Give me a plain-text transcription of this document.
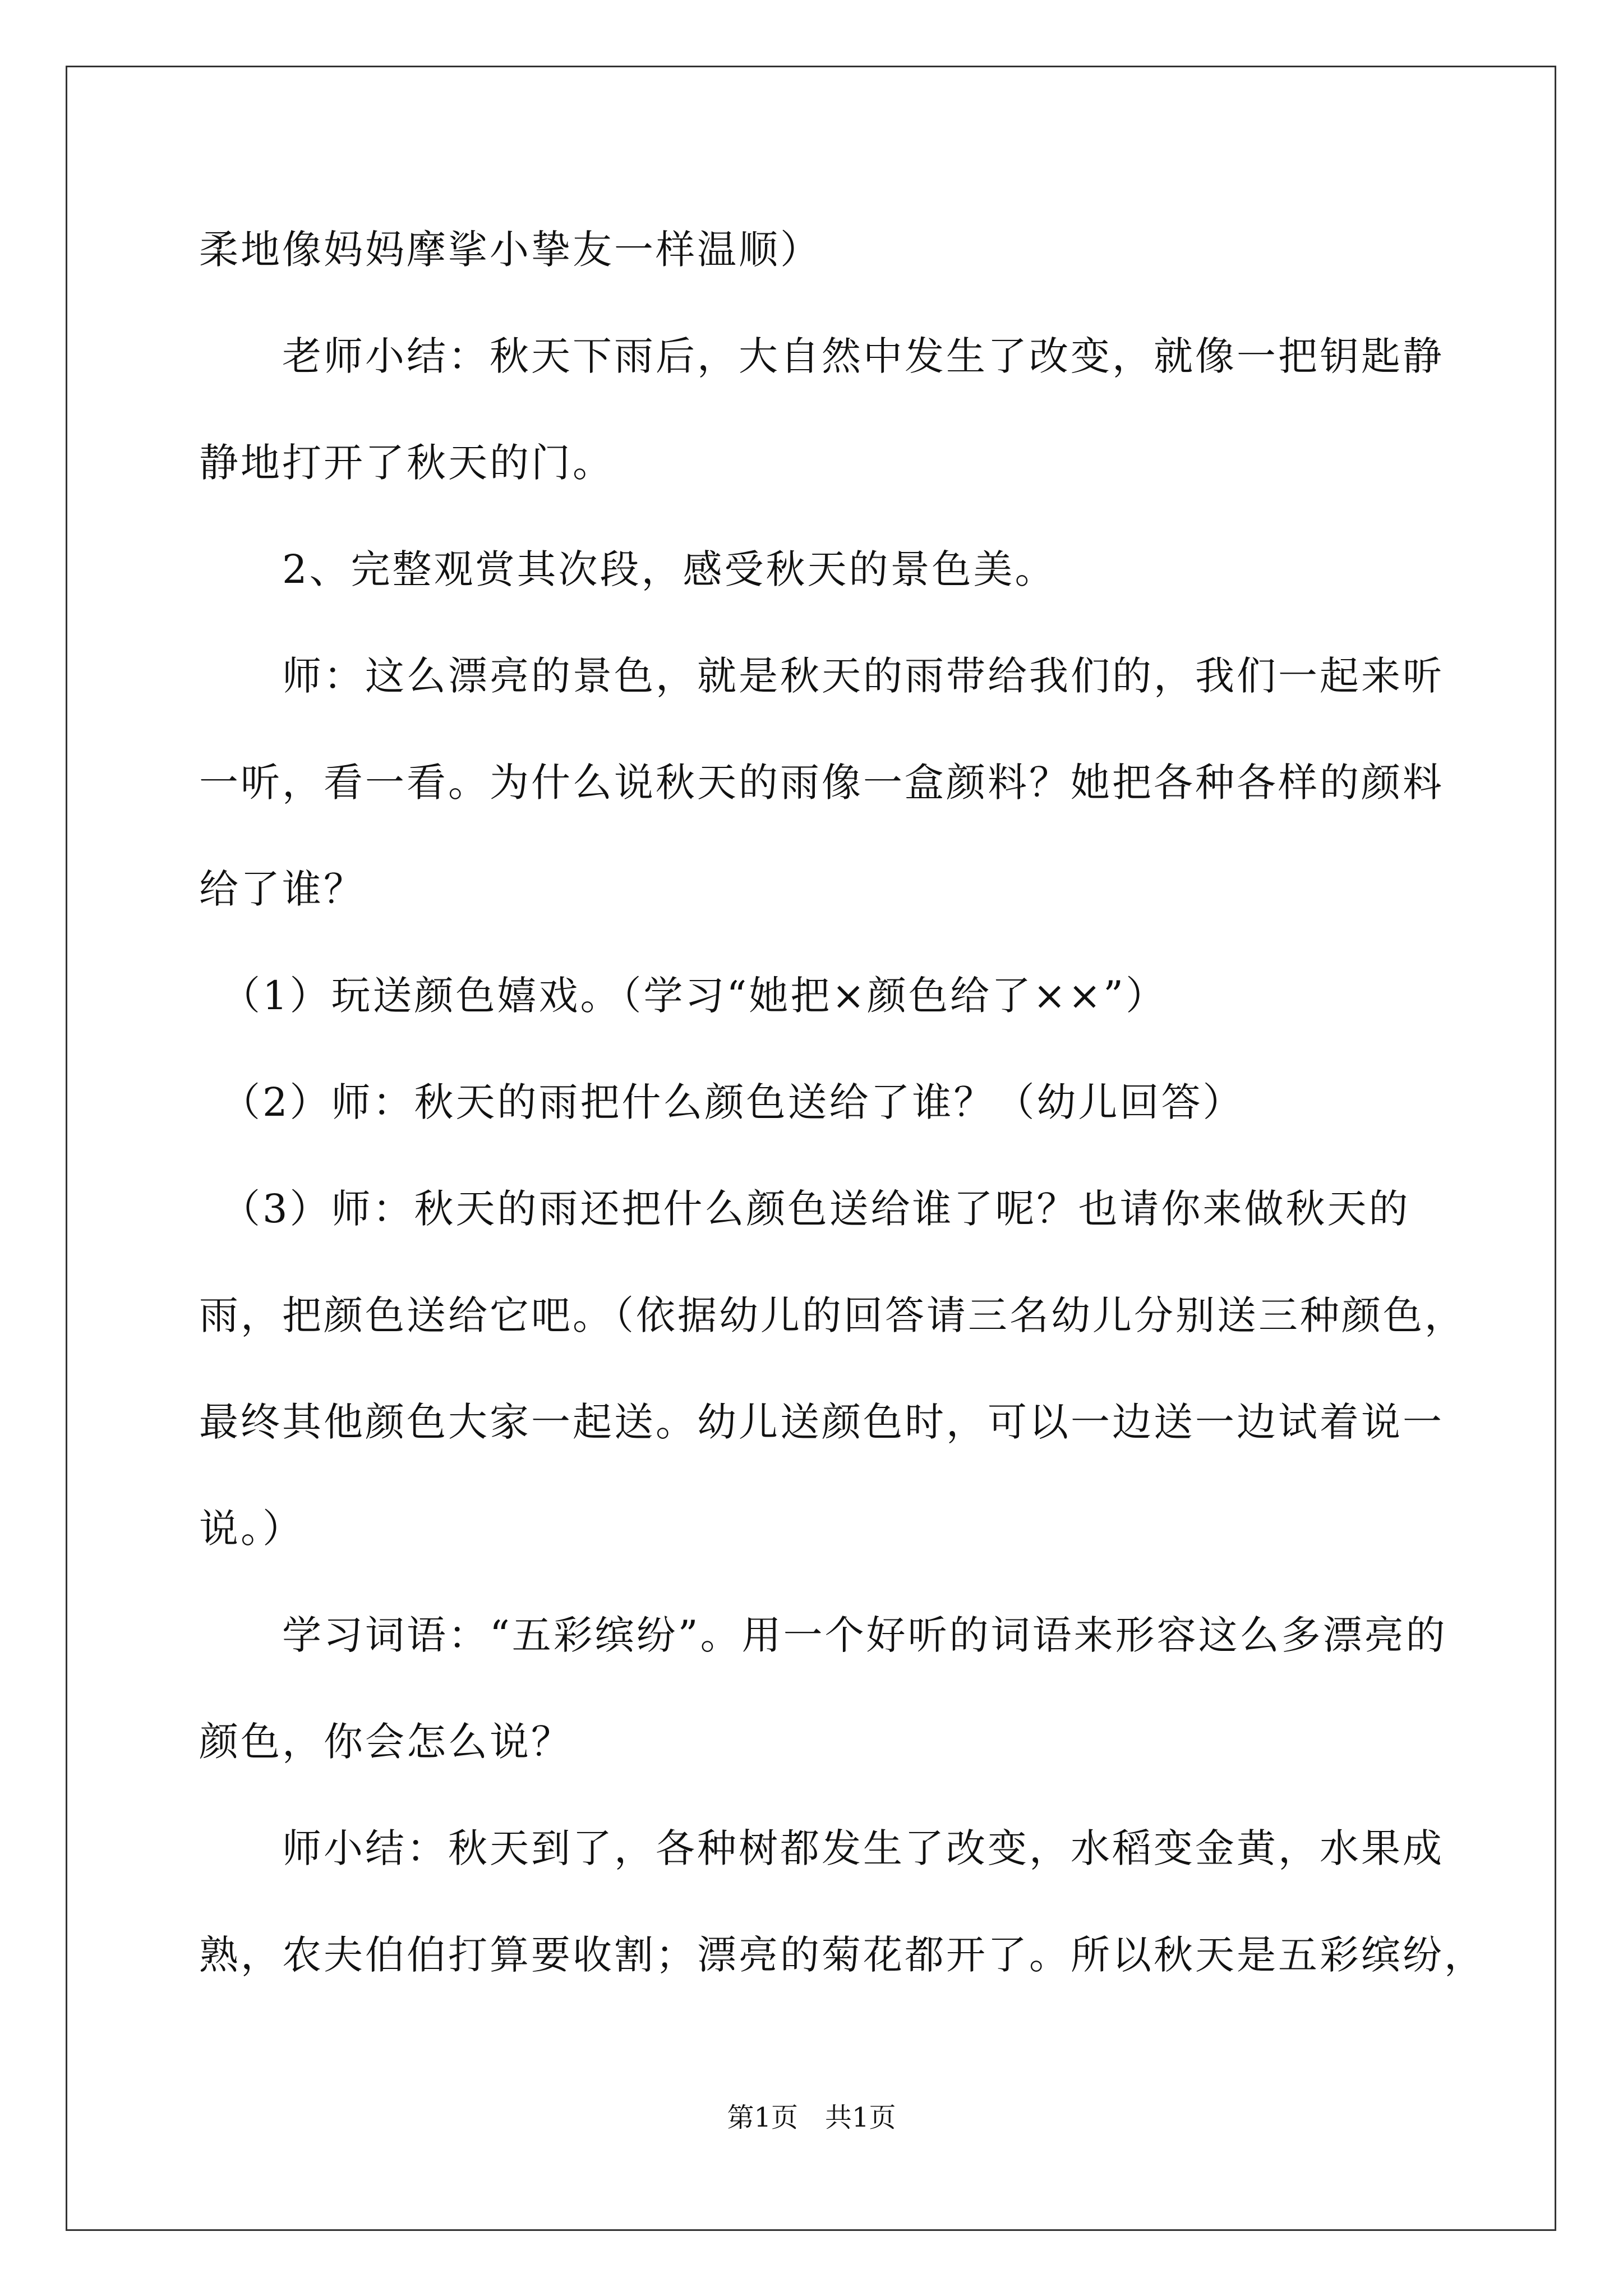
柔地像妈妈摩挲小挚友一样温顺）
　　老师小结：秋天下雨后，大自然中发生了改变，就像一把钥匙静
静地打开了秋天的门。
　　2、完整观赏其次段，感受秋天的景色美。
　　师：这么漂亮的景色，就是秋天的雨带给我们的，我们一起来听
一听，看一看。为什么说秋天的雨像一盒颜料？她把各种各样的颜料
给了谁？
　（1）玩送颜色嬉戏。（学习“她把×颜色给了××”）
　（2）师：秋天的雨把什么颜色送给了谁？（幼儿回答）
　（3）师：秋天的雨还把什么颜色送给谁了呢？也请你来做秋天的
雨，把颜色送给它吧。（依据幼儿的回答请三名幼儿分别送三种颜色，
最终其他颜色大家一起送。幼儿送颜色时，可以一边送一边试着说一
说。）
　　学习词语：“五彩缤纷”。用一个好听的词语来形容这么多漂亮的
颜色，你会怎么说？
　　师小结：秋天到了，各种树都发生了改变，水稻变金黄，水果成
熟，农夫伯伯打算要收割；漂亮的菊花都开了。所以秋天是五彩缤纷，
第1页　共1页
